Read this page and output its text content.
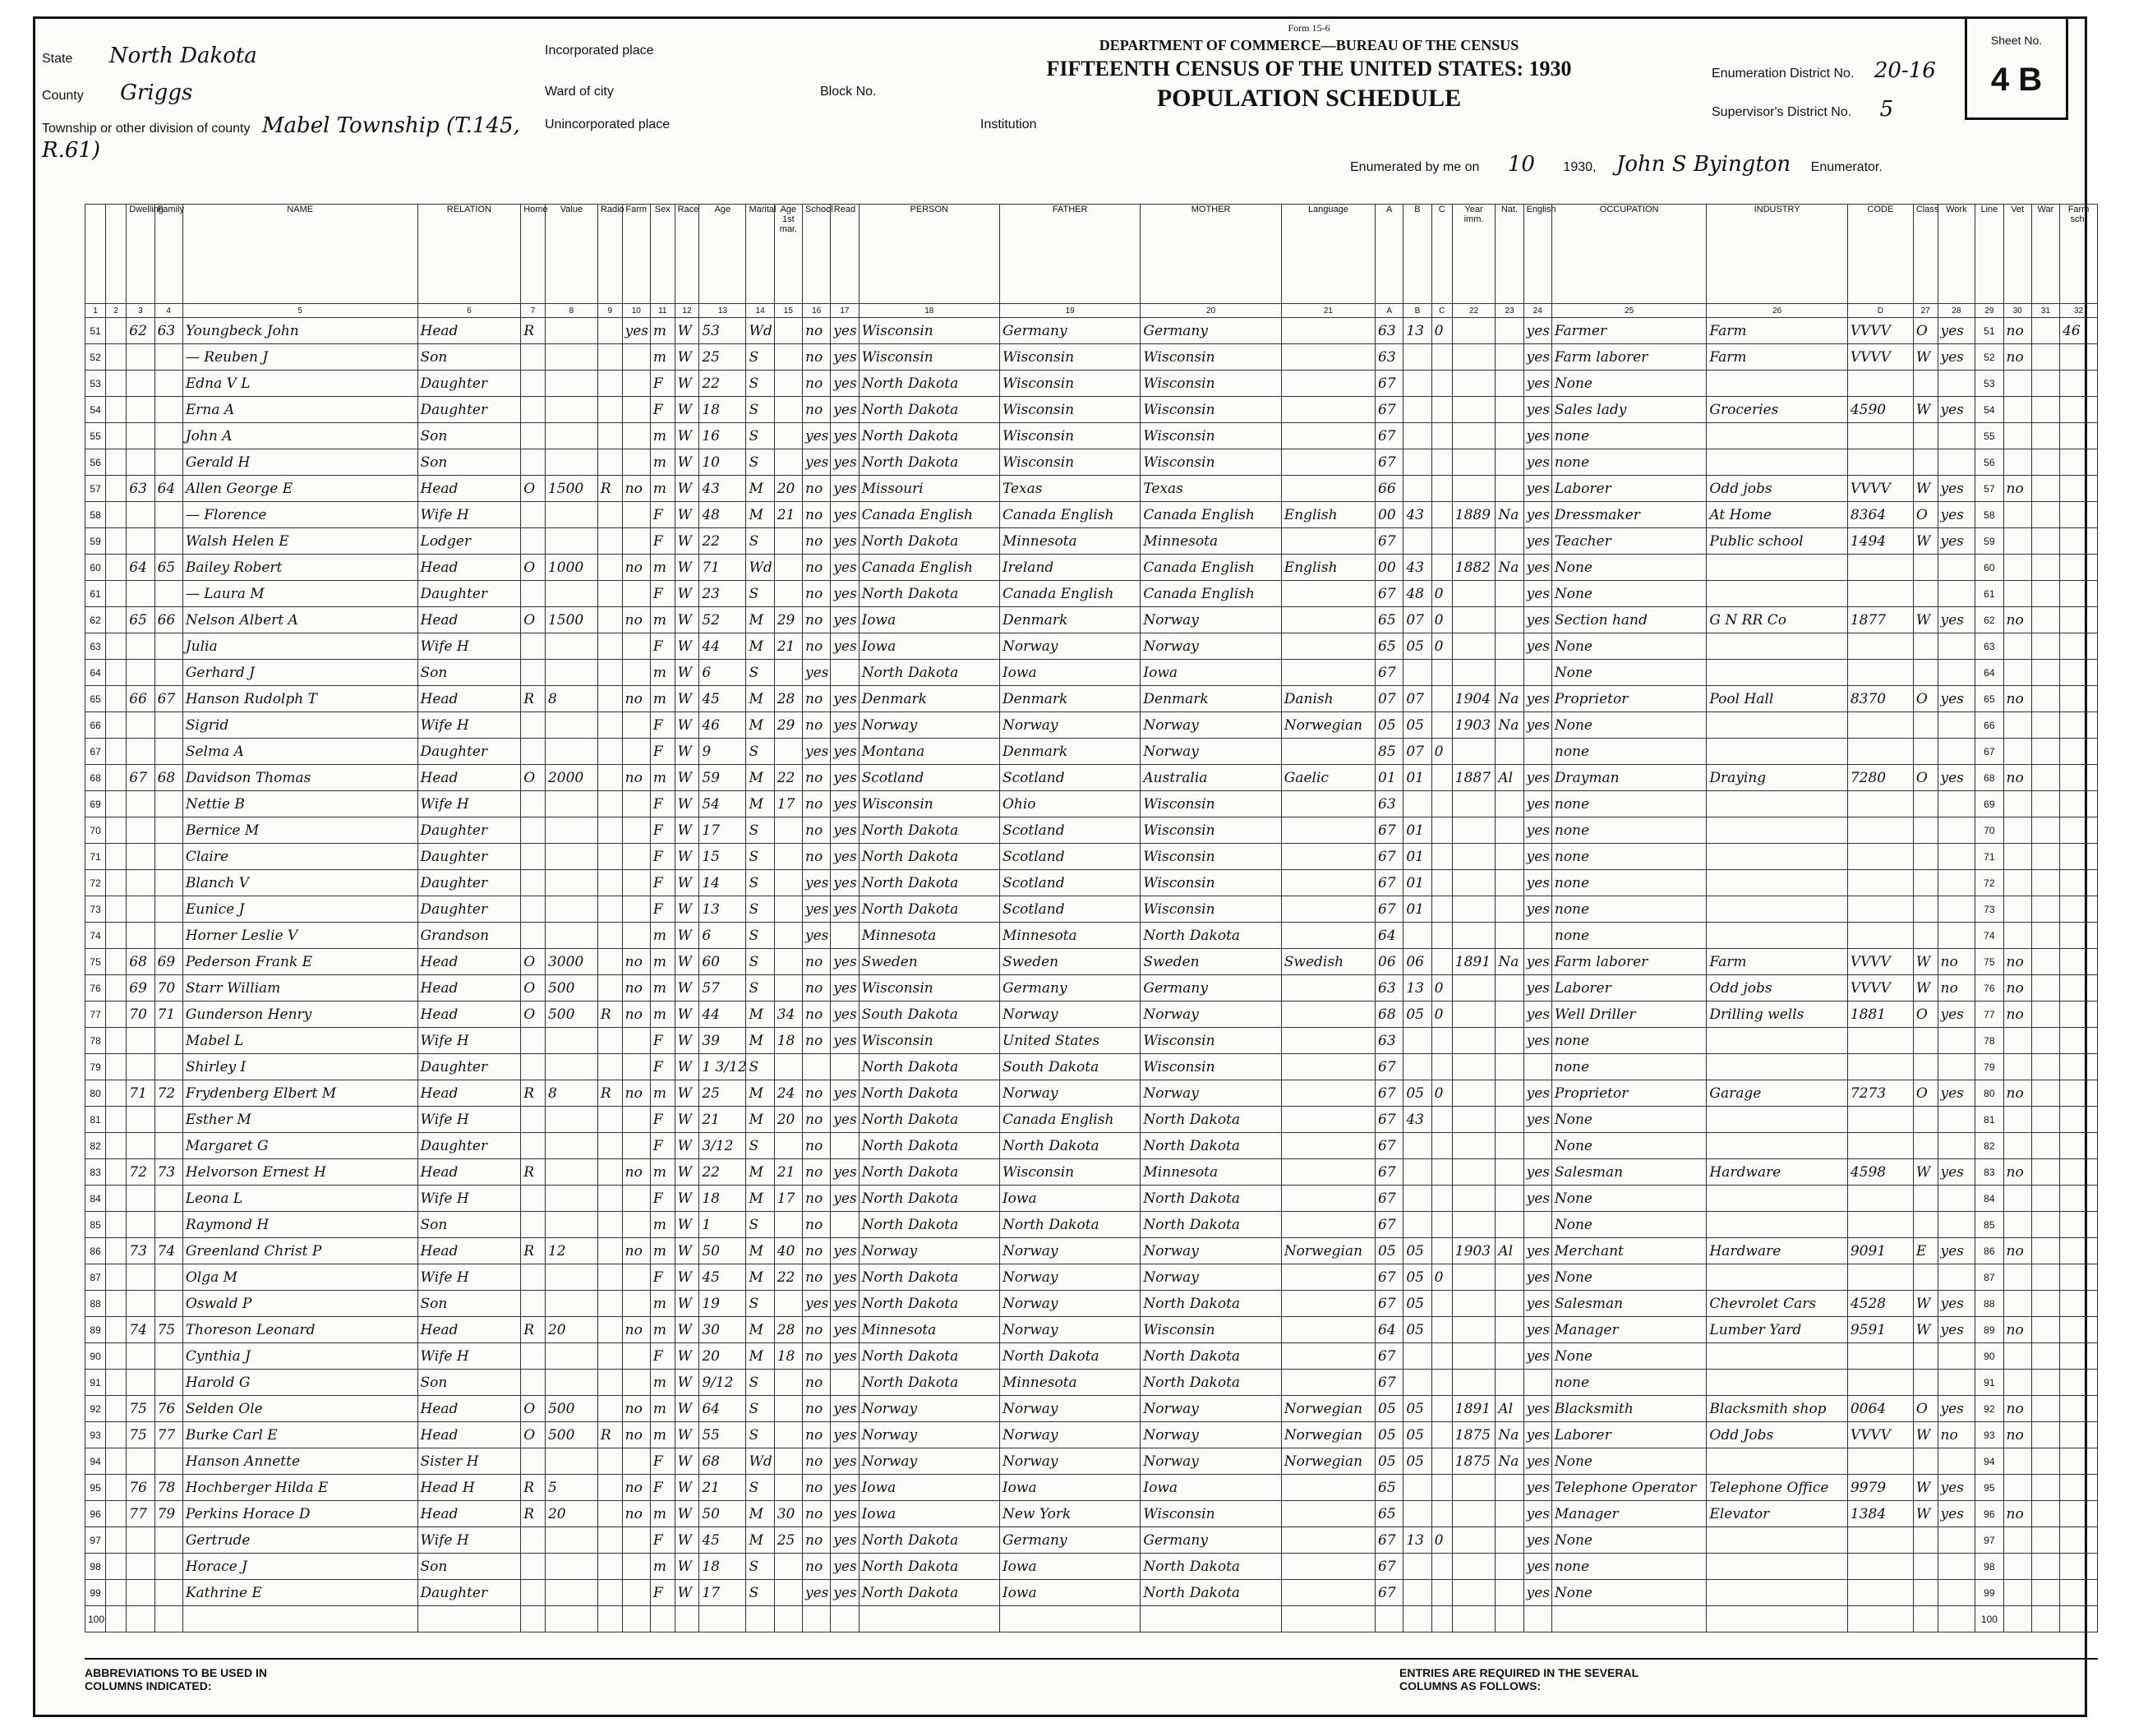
State North Dakota
County Griggs
Township or other division of county Mabel Township (T.145, R.61)
Incorporated place
Ward of city	Block No.
Unincorporated place	Institution
Form 15-6
DEPARTMENT OF COMMERCE—BUREAU OF THE CENSUS
FIFTEENTH CENSUS OF THE UNITED STATES: 1930
POPULATION SCHEDULE
Enumeration District No. 20-16
Supervisor's District No. 5
Enumerated by me on 10 1930, John S Byington Enumerator.
Sheet No.
4 B
		Dwelling	Family	NAME	RELATION	Home	Value	Radio	Farm	Sex	Race	Age	Marital	Age 1st mar.	School	Read	PERSON	FATHER	MOTHER	Language	A	B	C	Year imm.	Nat.	English	OCCUPATION	INDUSTRY	CODE	Class	Work	Line	Vet	War	Farm sch.
1	2	3	4	5	6	7	8	9	10	11	12	13	14	15	16	17	18	19	20	21	A	B	C	22	23	24	25	26	D	27	28	29	30	31	32
51		62	63	Youngbeck John	Head	R			yes	m	W	53	Wd		no	yes	Wisconsin	Germany	Germany		63	13	0			yes	Farmer	Farm	VVVV	O	yes	51	no		46
52				— Reuben J	Son					m	W	25	S		no	yes	Wisconsin	Wisconsin	Wisconsin		63					yes	Farm laborer	Farm	VVVV	W	yes	52	no		
53				Edna V L	Daughter					F	W	22	S		no	yes	North Dakota	Wisconsin	Wisconsin		67					yes	None					53			
54				Erna A	Daughter					F	W	18	S		no	yes	North Dakota	Wisconsin	Wisconsin		67					yes	Sales lady	Groceries	4590	W	yes	54			
55				John A	Son					m	W	16	S		yes	yes	North Dakota	Wisconsin	Wisconsin		67					yes	none					55			
56				Gerald H	Son					m	W	10	S		yes	yes	North Dakota	Wisconsin	Wisconsin		67					yes	none					56			
57		63	64	Allen George E	Head	O	1500	R	no	m	W	43	M	20	no	yes	Missouri	Texas	Texas		66					yes	Laborer	Odd jobs	VVVV	W	yes	57	no		
58				— Florence	Wife H					F	W	48	M	21	no	yes	Canada English	Canada English	Canada English	English	00	43		1889	Na	yes	Dressmaker	At Home	8364	O	yes	58			
59				Walsh Helen E	Lodger					F	W	22	S		no	yes	North Dakota	Minnesota	Minnesota		67					yes	Teacher	Public school	1494	W	yes	59			
60		64	65	Bailey Robert	Head	O	1000		no	m	W	71	Wd		no	yes	Canada English	Ireland	Canada English	English	00	43		1882	Na	yes	None					60			
61				— Laura M	Daughter					F	W	23	S		no	yes	North Dakota	Canada English	Canada English		67	48	0			yes	None					61			
62		65	66	Nelson Albert A	Head	O	1500		no	m	W	52	M	29	no	yes	Iowa	Denmark	Norway		65	07	0			yes	Section hand	G N RR Co	1877	W	yes	62	no		
63				Julia	Wife H					F	W	44	M	21	no	yes	Iowa	Norway	Norway		65	05	0			yes	None					63			
64				Gerhard J	Son					m	W	6	S		yes		North Dakota	Iowa	Iowa		67						None					64			
65		66	67	Hanson Rudolph T	Head	R	8		no	m	W	45	M	28	no	yes	Denmark	Denmark	Denmark	Danish	07	07		1904	Na	yes	Proprietor	Pool Hall	8370	O	yes	65	no		
66				Sigrid	Wife H					F	W	46	M	29	no	yes	Norway	Norway	Norway	Norwegian	05	05		1903	Na	yes	None					66			
67				Selma A	Daughter					F	W	9	S		yes	yes	Montana	Denmark	Norway		85	07	0				none					67			
68		67	68	Davidson Thomas	Head	O	2000		no	m	W	59	M	22	no	yes	Scotland	Scotland	Australia	Gaelic	01	01		1887	Al	yes	Drayman	Draying	7280	O	yes	68	no		
69				Nettie B	Wife H					F	W	54	M	17	no	yes	Wisconsin	Ohio	Wisconsin		63					yes	none					69			
70				Bernice M	Daughter					F	W	17	S		no	yes	North Dakota	Scotland	Wisconsin		67	01				yes	none					70			
71				Claire	Daughter					F	W	15	S		no	yes	North Dakota	Scotland	Wisconsin		67	01				yes	none					71			
72				Blanch V	Daughter					F	W	14	S		yes	yes	North Dakota	Scotland	Wisconsin		67	01				yes	none					72			
73				Eunice J	Daughter					F	W	13	S		yes	yes	North Dakota	Scotland	Wisconsin		67	01				yes	none					73			
74				Horner Leslie V	Grandson					m	W	6	S		yes		Minnesota	Minnesota	North Dakota		64						none					74			
75		68	69	Pederson Frank E	Head	O	3000		no	m	W	60	S		no	yes	Sweden	Sweden	Sweden	Swedish	06	06		1891	Na	yes	Farm laborer	Farm	VVVV	W	no	75	no		
76		69	70	Starr William	Head	O	500		no	m	W	57	S		no	yes	Wisconsin	Germany	Germany		63	13	0			yes	Laborer	Odd jobs	VVVV	W	no	76	no		
77		70	71	Gunderson Henry	Head	O	500	R	no	m	W	44	M	34	no	yes	South Dakota	Norway	Norway		68	05	0			yes	Well Driller	Drilling wells	1881	O	yes	77	no		
78				Mabel L	Wife H					F	W	39	M	18	no	yes	Wisconsin	United States	Wisconsin		63					yes	none					78			
79				Shirley I	Daughter					F	W	1 3/12	S				North Dakota	South Dakota	Wisconsin		67						none					79			
80		71	72	Frydenberg Elbert M	Head	R	8	R	no	m	W	25	M	24	no	yes	North Dakota	Norway	Norway		67	05	0			yes	Proprietor	Garage	7273	O	yes	80	no		
81				Esther M	Wife H					F	W	21	M	20	no	yes	North Dakota	Canada English	North Dakota		67	43				yes	None					81			
82				Margaret G	Daughter					F	W	3/12	S		no		North Dakota	North Dakota	North Dakota		67						None					82			
83		72	73	Helvorson Ernest H	Head	R			no	m	W	22	M	21	no	yes	North Dakota	Wisconsin	Minnesota		67					yes	Salesman	Hardware	4598	W	yes	83	no		
84				Leona L	Wife H					F	W	18	M	17	no	yes	North Dakota	Iowa	North Dakota		67					yes	None					84			
85				Raymond H	Son					m	W	1	S		no		North Dakota	North Dakota	North Dakota		67						None					85			
86		73	74	Greenland Christ P	Head	R	12		no	m	W	50	M	40	no	yes	Norway	Norway	Norway	Norwegian	05	05		1903	Al	yes	Merchant	Hardware	9091	E	yes	86	no		
87				Olga M	Wife H					F	W	45	M	22	no	yes	North Dakota	Norway	Norway		67	05	0			yes	None					87			
88				Oswald P	Son					m	W	19	S		yes	yes	North Dakota	Norway	North Dakota		67	05				yes	Salesman	Chevrolet Cars	4528	W	yes	88			
89		74	75	Thoreson Leonard	Head	R	20		no	m	W	30	M	28	no	yes	Minnesota	Norway	Wisconsin		64	05				yes	Manager	Lumber Yard	9591	W	yes	89	no		
90				Cynthia J	Wife H					F	W	20	M	18	no	yes	North Dakota	North Dakota	North Dakota		67					yes	None					90			
91				Harold G	Son					m	W	9/12	S		no		North Dakota	Minnesota	North Dakota		67						none					91			
92		75	76	Selden Ole	Head	O	500		no	m	W	64	S		no	yes	Norway	Norway	Norway	Norwegian	05	05		1891	Al	yes	Blacksmith	Blacksmith shop	0064	O	yes	92	no		
93		75	77	Burke Carl E	Head	O	500	R	no	m	W	55	S		no	yes	Norway	Norway	Norway	Norwegian	05	05		1875	Na	yes	Laborer	Odd Jobs	VVVV	W	no	93	no		
94				Hanson Annette	Sister H					F	W	68	Wd		no	yes	Norway	Norway	Norway	Norwegian	05	05		1875	Na	yes	None					94			
95		76	78	Hochberger Hilda E	Head H	R	5		no	F	W	21	S		no	yes	Iowa	Iowa	Iowa		65					yes	Telephone Operator	Telephone Office	9979	W	yes	95			
96		77	79	Perkins Horace D	Head	R	20		no	m	W	50	M	30	no	yes	Iowa	New York	Wisconsin		65					yes	Manager	Elevator	1384	W	yes	96	no		
97				Gertrude	Wife H					F	W	45	M	25	no	yes	North Dakota	Germany	Germany		67	13	0			yes	None					97			
98				Horace J	Son					m	W	18	S		no	yes	North Dakota	Iowa	North Dakota		67					yes	none					98			
99				Kathrine E	Daughter					F	W	17	S		yes	yes	North Dakota	Iowa	North Dakota		67					yes	None					99			
100																																100			
ABBREVIATIONS TO BE USED IN COLUMNS INDICATED:
ENTRIES ARE REQUIRED IN THE SEVERAL COLUMNS AS FOLLOWS:
